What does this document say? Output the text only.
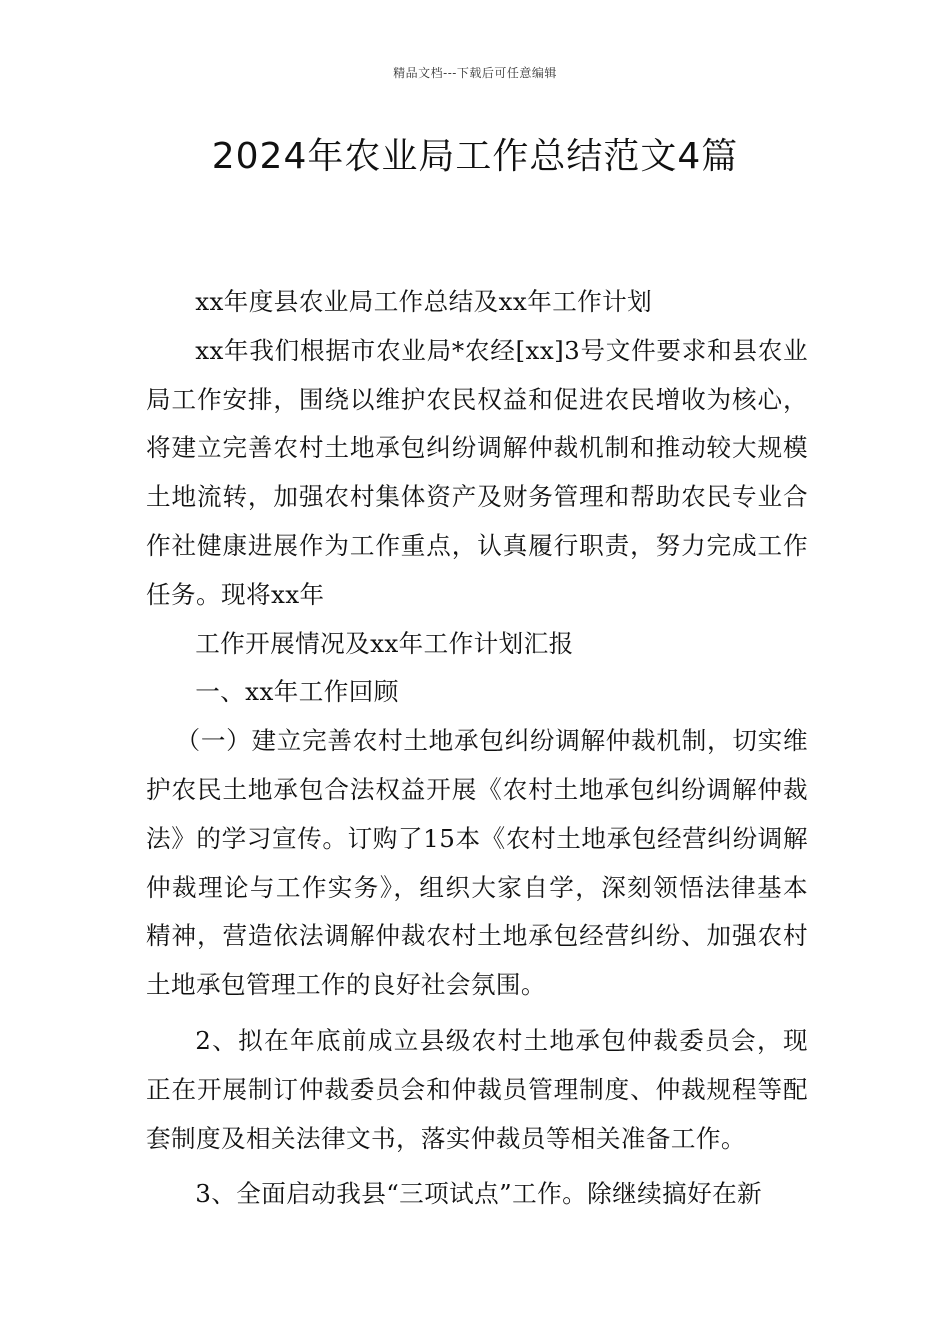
精品文档---下载后可任意编辑
2024年农业局工作总结范文4篇

xx年度县农业局工作总结及xx年工作计划

xx年我们根据市农业局*农经[xx]3号文件要求和县农业局工作安排，围绕以维护农民权益和促进农民增收为核心，将建立完善农村土地承包纠纷调解仲裁机制和推动较大规模土地流转，加强农村集体资产及财务管理和帮助农民专业合作社健康进展作为工作重点，认真履行职责，努力完成工作任务。现将xx年

工作开展情况及xx年工作计划汇报

一、xx年工作回顾

（一）建立完善农村土地承包纠纷调解仲裁机制，切实维护农民土地承包合法权益开展《农村土地承包纠纷调解仲裁法》的学习宣传。订购了15本《农村土地承包经营纠纷调解仲裁理论与工作实务》，组织大家自学，深刻领悟法律基本精神，营造依法调解仲裁农村土地承包经营纠纷、加强农村土地承包管理工作的良好社会氛围。

2、拟在年底前成立县级农村土地承包仲裁委员会，现正在开展制订仲裁委员会和仲裁员管理制度、仲裁规程等配套制度及相关法律文书，落实仲裁员等相关准备工作。

3、全面启动我县“三项试点”工作。除继续搞好在新
